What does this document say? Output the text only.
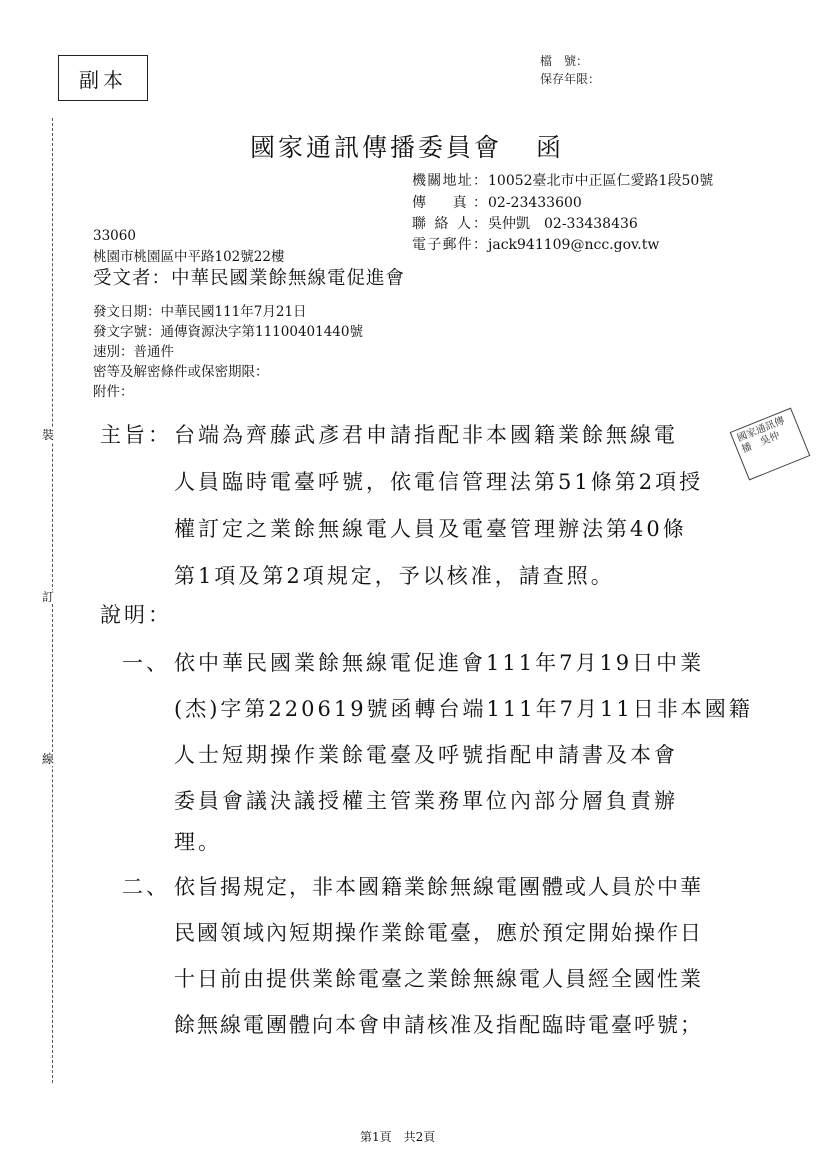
副本
檔　號：
保存年限：
裝
訂
線
國家通訊傳播委員會 函
機關地址：10052臺北市中正區仁愛路1段50號
傳　真：02-23433600
聯 絡 人：吳仲凱　02-33438436
電子郵件：jack941109@ncc.gov.tw
33060
桃園市桃園區中平路102號22樓
受文者：中華民國業餘無線電促進會
發文日期：中華民國111年7月21日
發文字號：通傳資源決字第11100401440號
速別：普通件
密等及解密條件或保密期限：
附件：
國家通訊傳播　吳仲
主旨： 台端為齊藤武彥君申請指配非本國籍業餘無線電
人員臨時電臺呼號，依電信管理法第51條第2項授
權訂定之業餘無線電人員及電臺管理辦法第40條
第1項及第2項規定，予以核准，請查照。
說明：
一、 依中華民國業餘無線電促進會111年7月19日中業
(杰)字第220619號函轉台端111年7月11日非本國籍
人士短期操作業餘電臺及呼號指配申請書及本會
委員會議決議授權主管業務單位內部分層負責辦
理。
二、 依旨揭規定，非本國籍業餘無線電團體或人員於中華
民國領域內短期操作業餘電臺，應於預定開始操作日
十日前由提供業餘電臺之業餘無線電人員經全國性業
餘無線電團體向本會申請核准及指配臨時電臺呼號；
第1頁　共2頁
